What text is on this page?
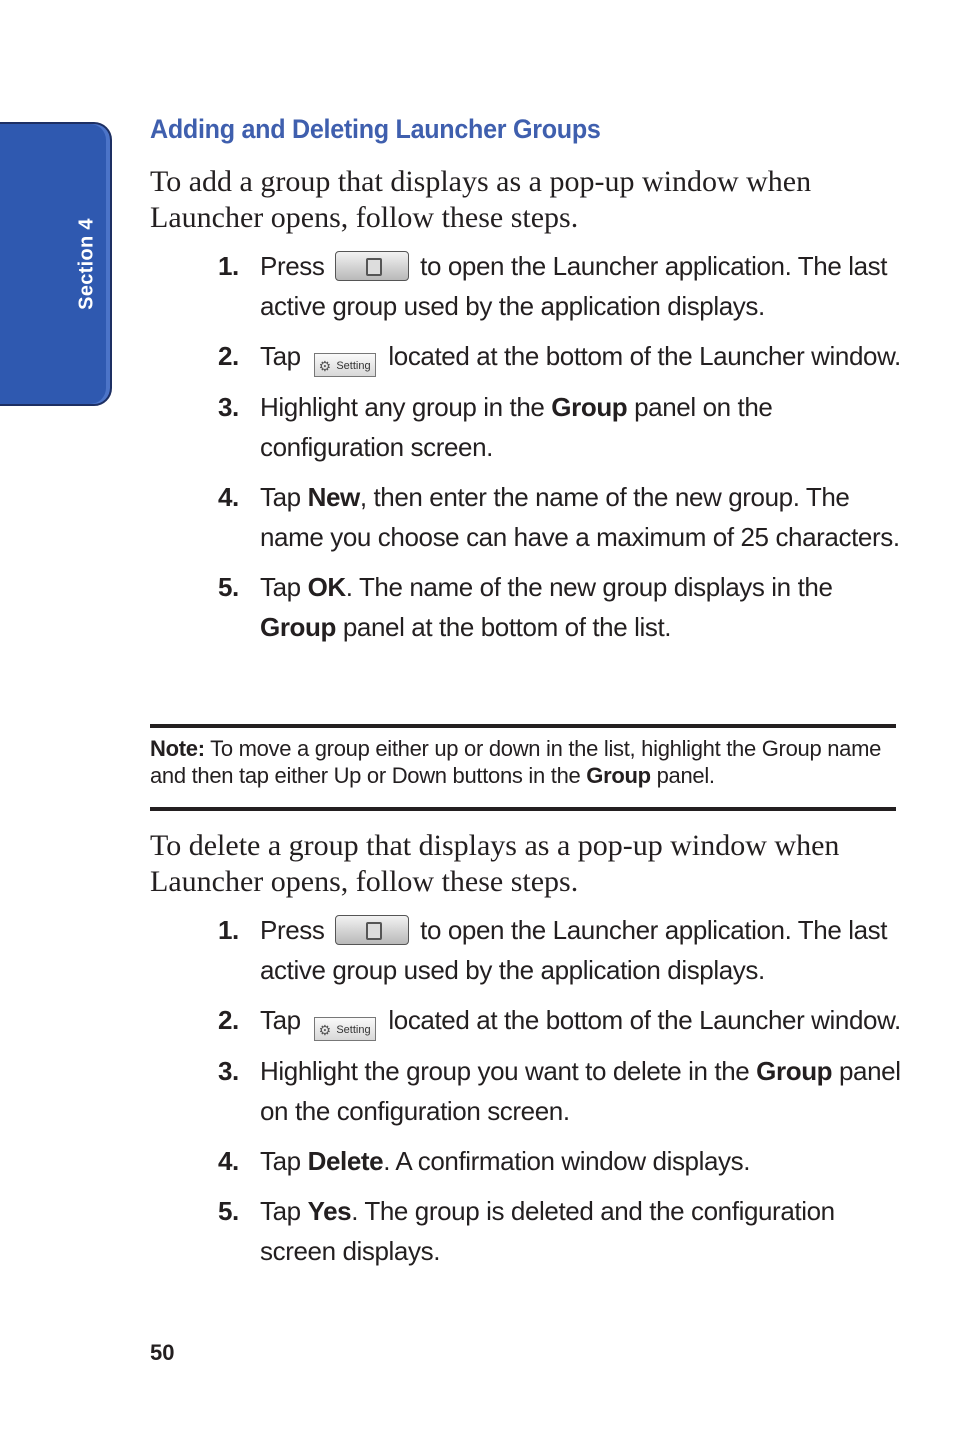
Section 4
Adding and Deleting Launcher Groups

To add a group that displays as a pop-up window when Launcher opens, follow these steps.

1. Press	to open the Launcher application. The last active group used by the application displays.
2. Tap ⚙ Setting located at the bottom of the Launcher window.
3. Highlight any group in the Group panel on the configuration screen.
4. Tap New, then enter the name of the new group. The name you choose can have a maximum of 25 characters.
5. Tap OK. The name of the new group displays in the Group panel at the bottom of the list.

Note: To move a group either up or down in the list, highlight the Group name and then tap either Up or Down buttons in the Group panel.

To delete a group that displays as a pop-up window when Launcher opens, follow these steps.

1. Press	to open the Launcher application. The last active group used by the application displays.
2. Tap ⚙ Setting located at the bottom of the Launcher window.
3. Highlight the group you want to delete in the Group panel on the configuration screen.
4. Tap Delete. A confirmation window displays.
5. Tap Yes. The group is deleted and the configuration screen displays.
50
